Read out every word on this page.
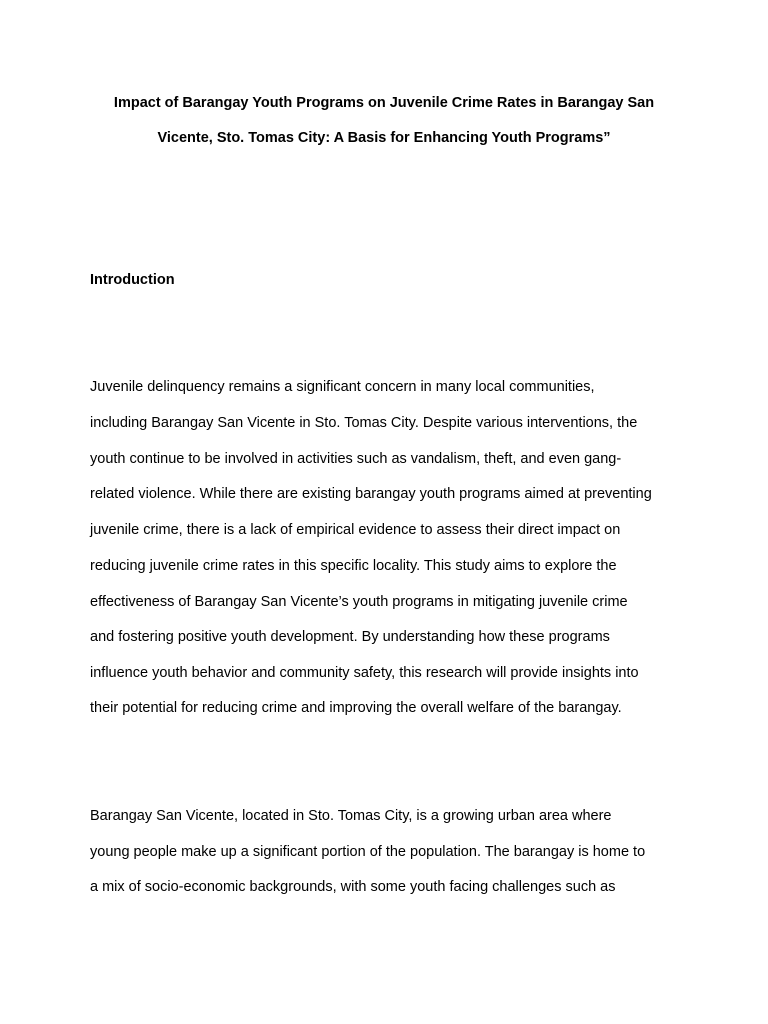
Impact of Barangay Youth Programs on Juvenile Crime Rates in Barangay San
Vicente, Sto. Tomas City: A Basis for Enhancing Youth Programs”
Introduction
Juvenile delinquency remains a significant concern in many local communities,
including Barangay San Vicente in Sto. Tomas City. Despite various interventions, the
youth continue to be involved in activities such as vandalism, theft, and even gang-
related violence. While there are existing barangay youth programs aimed at preventing
juvenile crime, there is a lack of empirical evidence to assess their direct impact on
reducing juvenile crime rates in this specific locality. This study aims to explore the
effectiveness of Barangay San Vicente’s youth programs in mitigating juvenile crime
and fostering positive youth development. By understanding how these programs
influence youth behavior and community safety, this research will provide insights into
their potential for reducing crime and improving the overall welfare of the barangay.
Barangay San Vicente, located in Sto. Tomas City, is a growing urban area where
young people make up a significant portion of the population. The barangay is home to
a mix of socio-economic backgrounds, with some youth facing challenges such as
